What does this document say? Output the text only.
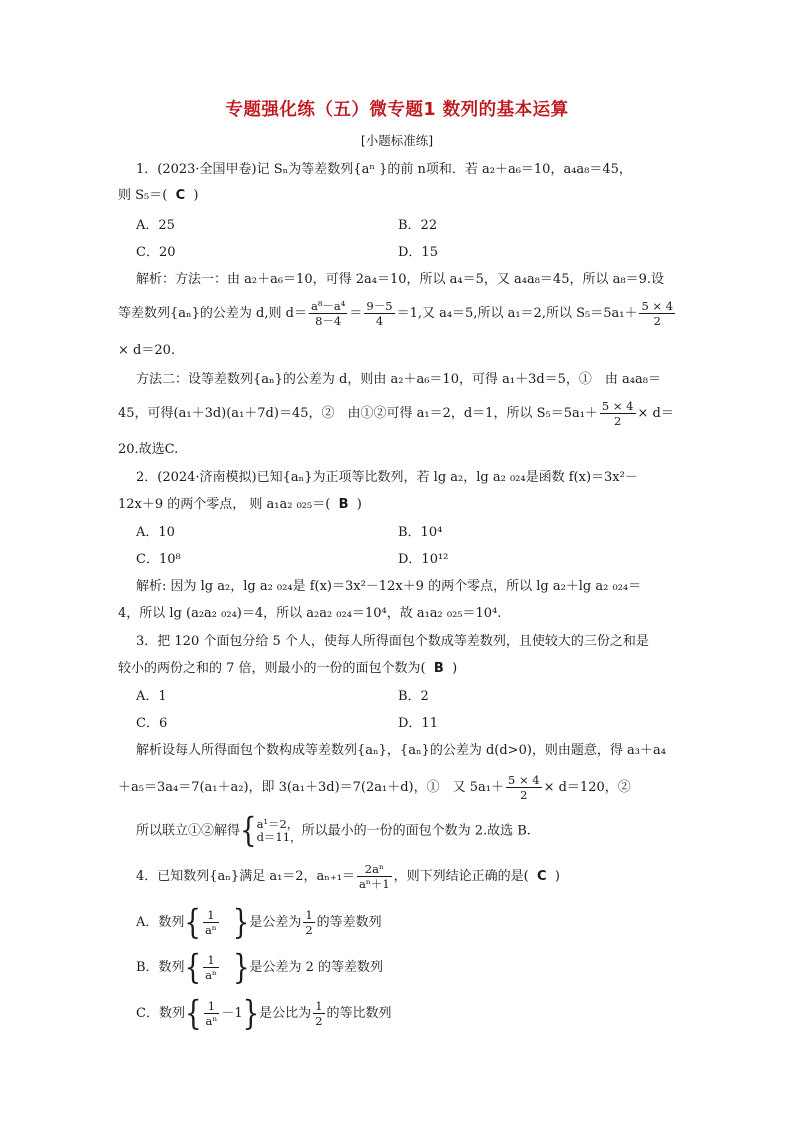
专题强化练（五）微专题1 数列的基本运算
[小题标准练]
1．(2023·全国甲卷)记 Sₙ为等差数列{aⁿ }的前 n项和．若 a₂＋a₆＝10，a₄a₈＝45，
则 S₅＝( C )
A．25	B．22
C．20	D．15
解析：方法一：由 a₂＋a₆＝10，可得 2a₄＝10，所以 a₄＝5，又 a₄a₈＝45，所以 a₈＝9.设
等差数列{aₙ}的公差为 d,则 $d= \frac{\text{a⁸－a⁴}}{8-4} = \frac{9-5}{4} =1$,又 a₄＝5,所以 a₁＝2,所以 $S_5=5a_1+ \frac{5 \times 4}{2}$
× d＝20.
方法二：设等差数列{aₙ}的公差为 d，则由 a₂＋a₆＝10，可得 a₁＋3d＝5，①　由 a₄a₈＝
45，可得(a₁＋3d)(a₁＋7d)＝45，②　由①②可得 a₁＝2，d＝1，所以 $S_5=5a_1+ \frac{5 \times 4}{2} \times d=$
20.故选C.
2．(2024·济南模拟)已知{aₙ}为正项等比数列，若 lg a₂，lg a₂ ₀₂₄是函数 f(x)＝3x²－
12x＋9 的两个零点， 则 a₁a₂ ₀₂₅＝( B )
A．10	B．10⁴
C．10⁸	D．10¹²
解析: 因为 lg a₂，lg a₂ ₀₂₄是 f(x)＝3x²－12x＋9 的两个零点，所以 lg a₂＋lg a₂ ₀₂₄＝
4，所以 lg (a₂a₂ ₀₂₄)＝4，所以 a₂a₂ ₀₂₄＝10⁴，故 a₁a₂ ₀₂₅＝10⁴.
3．把 120 个面包分给 5 个人，使每人所得面包个数成等差数列，且使较大的三份之和是
较小的两份之和的 7 倍，则最小的一份的面包个数为( B )
A．1	B．2
C．6	D．11
解析设每人所得面包个数构成等差数列{aₙ}，{aₙ}的公差为 d(d>0)，则由题意，得 a₃＋a₄
＋a₅＝3a₄＝7(a₁＋a₂)，即 3(a₁＋3d)＝7(2a₁＋d)，①　又 $5a_1+ \frac{5 \times 4}{2} \times d=120$，②
所以联立①②解得{ a¹＝2，
d＝11， 所以最小的一份的面包个数为 2.故选 B.
4．已知数列{aₙ}满足 a₁＝2，$a_{n+1}= \frac{\text{2aⁿ}}{\text{aⁿ＋1}}$ ，则下列结论正确的是( C )
A．数列{ $\frac{1}{\text{aⁿ}}$ }是公差为 $\frac{1}{2}$ 的等差数列
B．数列{ $\frac{1}{\text{aⁿ}}$ }是公差为 2 的等差数列
C．数列{ $\frac{1}{\text{aⁿ}} -1$}是公比为 $\frac{1}{2}$ 的等比数列
